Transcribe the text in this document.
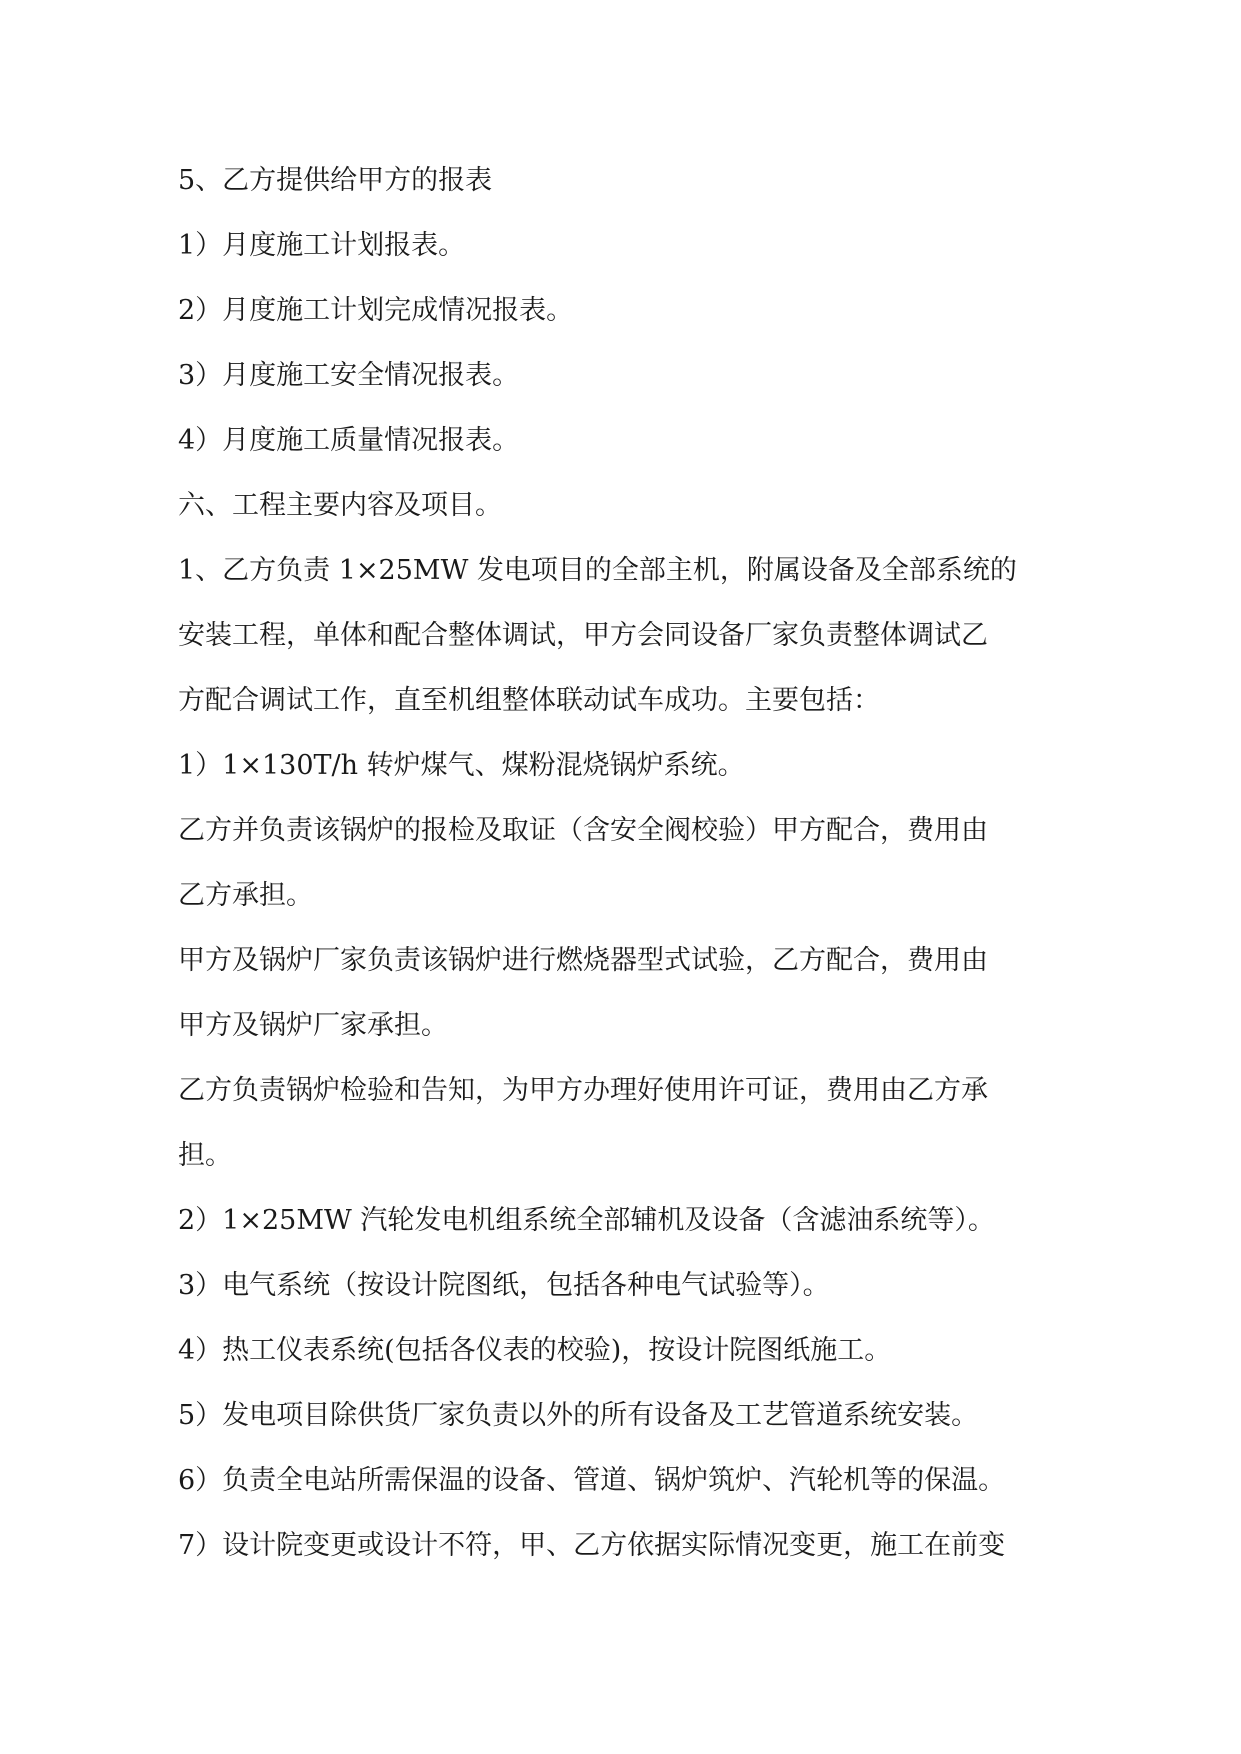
5、乙方提供给甲方的报表
1）月度施工计划报表。
2）月度施工计划完成情况报表。
3）月度施工安全情况报表。
4）月度施工质量情况报表。
六、工程主要内容及项目。
1、乙方负责 1×25MW 发电项目的全部主机，附属设备及全部系统的
安装工程，单体和配合整体调试，甲方会同设备厂家负责整体调试乙
方配合调试工作，直至机组整体联动试车成功。主要包括：
1）1×130T/h 转炉煤气、煤粉混烧锅炉系统。
乙方并负责该锅炉的报检及取证（含安全阀校验）甲方配合，费用由
乙方承担。
甲方及锅炉厂家负责该锅炉进行燃烧器型式试验，乙方配合，费用由
甲方及锅炉厂家承担。
乙方负责锅炉检验和告知，为甲方办理好使用许可证，费用由乙方承
担。
2）1×25MW 汽轮发电机组系统全部辅机及设备（含滤油系统等）。
3）电气系统（按设计院图纸，包括各种电气试验等）。
4）热工仪表系统(包括各仪表的校验)，按设计院图纸施工。
5）发电项目除供货厂家负责以外的所有设备及工艺管道系统安装。
6）负责全电站所需保温的设备、管道、锅炉筑炉、汽轮机等的保温。
7）设计院变更或设计不符，甲、乙方依据实际情况变更，施工在前变
